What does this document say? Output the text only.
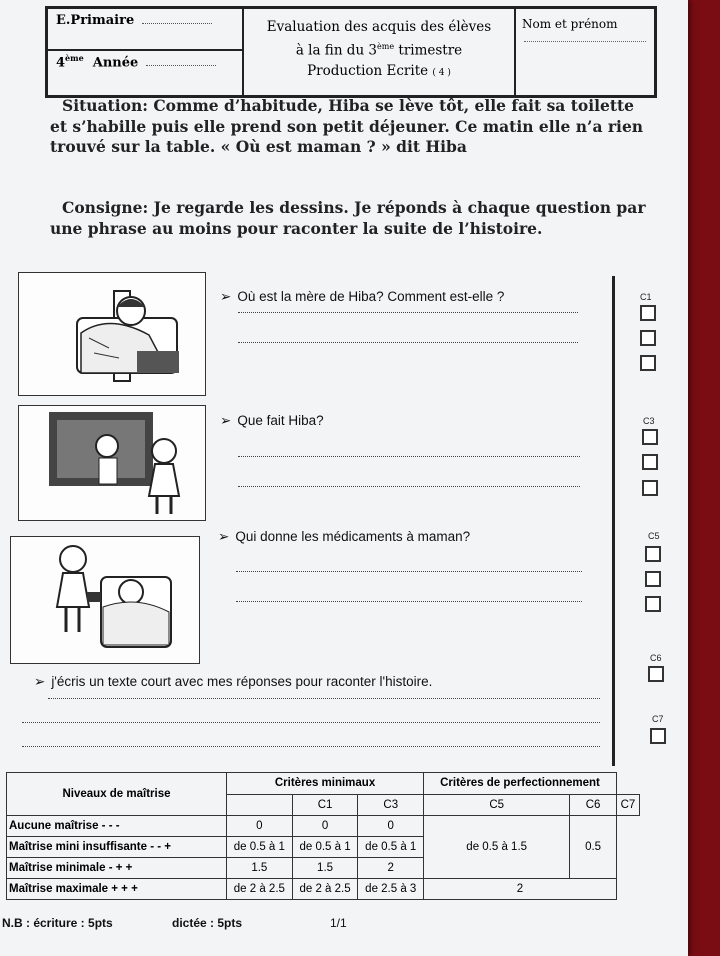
E.Primaire
4ème Année
Evaluation des acquis des élèves
à la fin du 3ème trimestre
Production Ecrite ( 4 )
Nom et prénom
Situation: Comme d’habitude, Hiba se lève tôt, elle fait sa toilette et s’habille puis elle prend son petit déjeuner. Ce matin elle n’a rien trouvé sur la table. « Où est maman ? » dit Hiba
Consigne: Je regarde les dessins. Je réponds à chaque question par une phrase au moins pour raconter la suite de l’histoire.
➢ Où est la mère de Hiba? Comment est-elle ?
➢ Que fait Hiba?
➢ Qui donne les médicaments à maman?
➢ j'écris un texte court avec mes réponses pour raconter l'histoire.
C1
C3
C5
C6
C7
Niveaux de maîtrise	Critères minimaux			Critères de perfectionnement		
		C1	C3	C5	C6	C7
Aucune maîtrise - - -	0	0	0	de 0.5 à 1.5	0.5	
Maîtrise mini insuffisante - - +	de 0.5 à 1	de 0.5 à 1	de 0.5 à 1			
Maîtrise minimale - + +	1.5	1.5	2			
Maîtrise maximale + + +	de 2 à 2.5	de 2 à 2.5	de 2.5 à 3	2		
N.B : écriture : 5pts	dictée : 5pts	1/1
